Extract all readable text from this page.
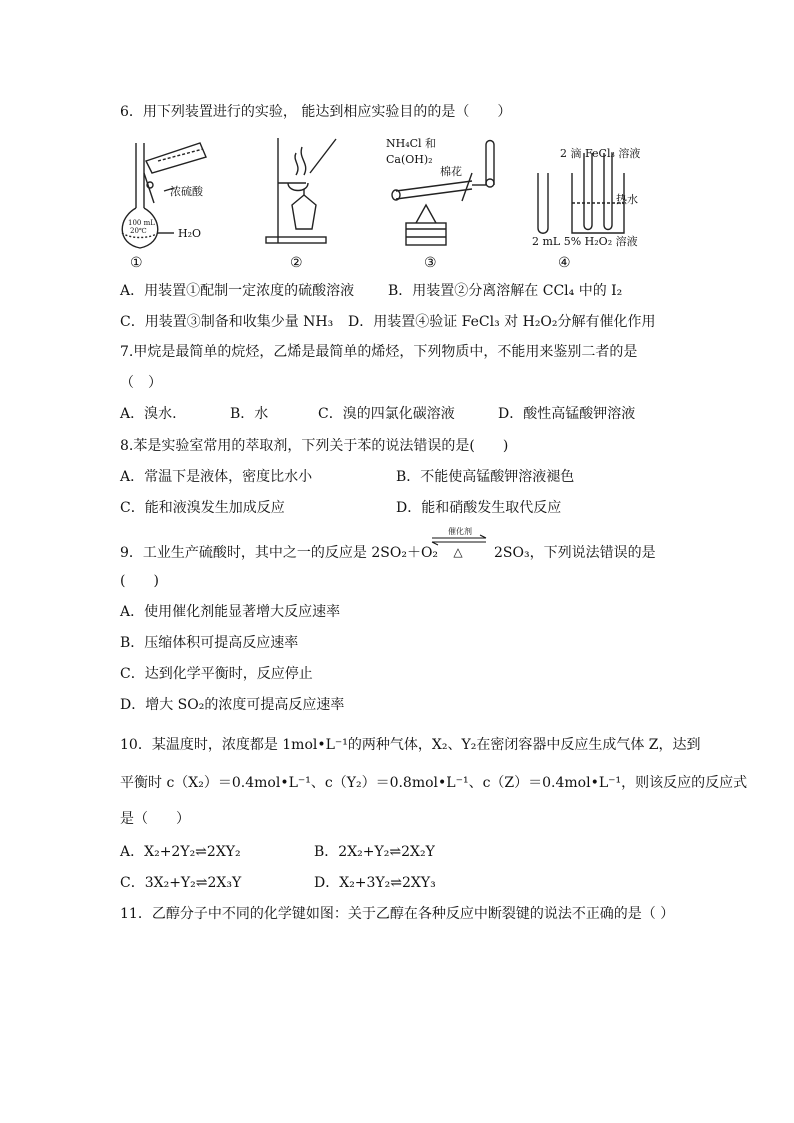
6．用下列装置进行的实验， 能达到相应实验目的的是（　　）
浓硫酸
100 mL
20℃	H₂O
NH₄Cl 和
Ca(OH)₂
棉花
2 滴 FeCl₃ 溶液
热水
2 mL 5% H₂O₂ 溶液
①	②	③	④
A．用装置①配制一定浓度的硫酸溶液 B．用装置②分离溶解在 CCl₄ 中的 I₂
C．用装置③制备和收集少量 NH₃ D．用装置④验证 FeCl₃ 对 H₂O₂分解有催化作用
7.甲烷是最简单的烷烃，乙烯是最简单的烯烃，下列物质中，不能用来鉴别二者的是
（　）
A．溴水.	B．水	C．溴的四氯化碳溶液	D．酸性高锰酸钾溶液
8.苯是实验室常用的萃取剂，下列关于苯的说法错误的是(　　)
A．常温下是液体，密度比水小	B．不能使高锰酸钾溶液褪色
C．能和液溴发生加成反应	D．能和硝酸发生取代反应
9．工业生产硫酸时，其中之一的反应是 2SO₂＋O₂
催化剂
△ 2SO₃，下列说法错误的是
(　　)
A．使用催化剂能显著增大反应速率
B．压缩体积可提高反应速率
C．达到化学平衡时，反应停止
D．增大 SO₂的浓度可提高反应速率
10．某温度时，浓度都是 1mol•L⁻¹的两种气体，X₂、Y₂在密闭容器中反应生成气体 Z，达到
平衡时 c（X₂）＝0.4mol•L⁻¹、c（Y₂）＝0.8mol•L⁻¹、c（Z）＝0.4mol•L⁻¹，则该反应的反应式
是（　　）
A．X₂+2Y₂⇌2XY₂	B．2X₂+Y₂⇌2X₂Y
C．3X₂+Y₂⇌2X₃Y	D．X₂+3Y₂⇌2XY₃
11．乙醇分子中不同的化学键如图：关于乙醇在各种反应中断裂键的说法不正确的是（ ）
